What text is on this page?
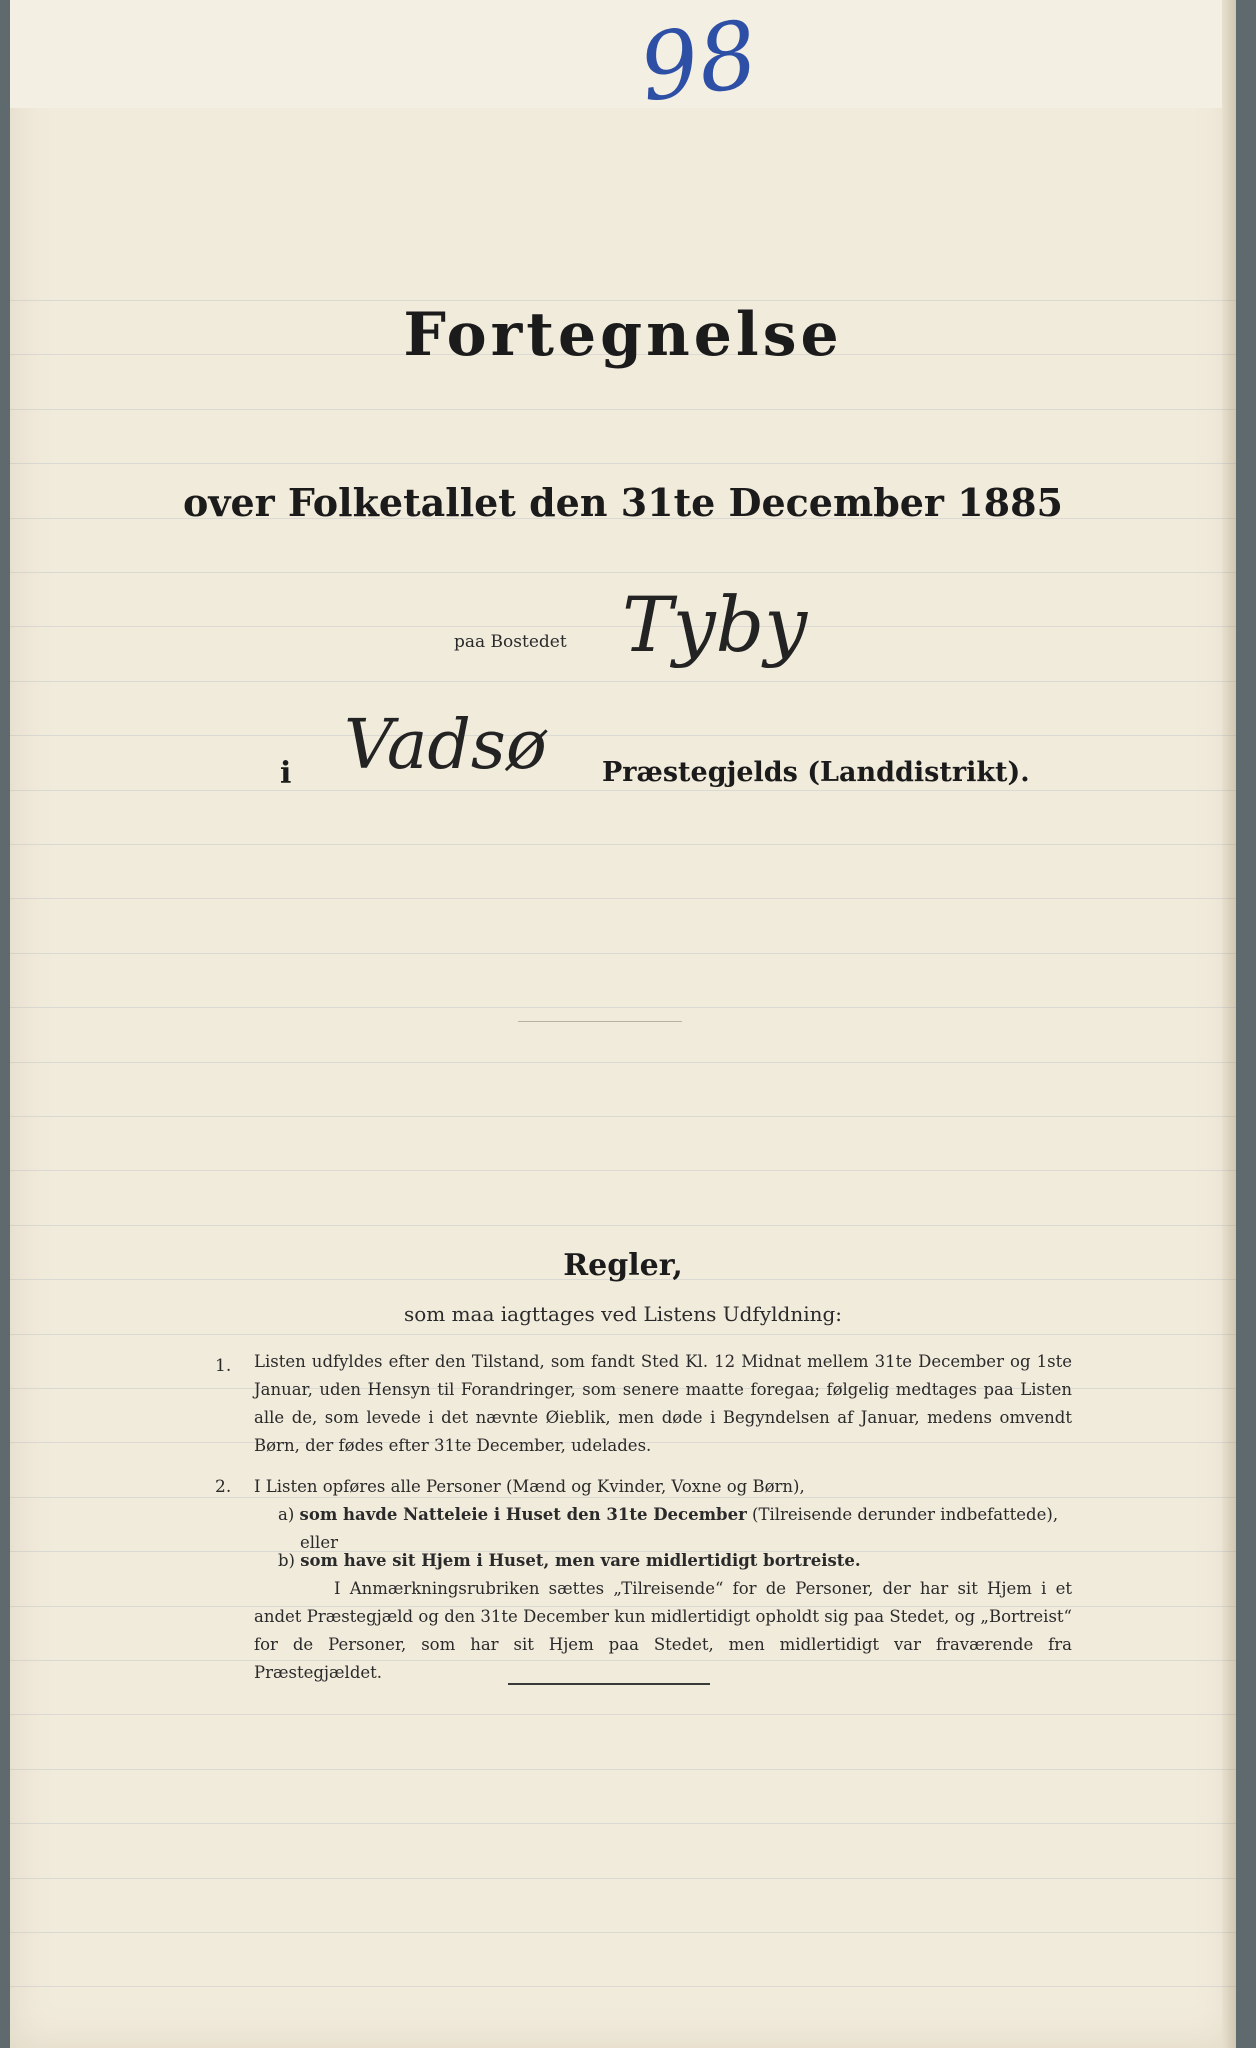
98
Fortegnelse
over Folketallet den 31te December 1885
paa Bostedet Tyby
i Vadsø Præstegjelds (Landdistrikt).
Regler,
som maa iagttages ved Listens Udfyldning:
1. Listen udfyldes efter den Tilstand, som fandt Sted Kl. 12 Midnat mellem 31te December og 1ste Januar, uden Hensyn til Forandringer, som senere maatte foregaa; følgelig medtages paa Listen alle de, som levede i det nævnte Øieblik, men døde i Begyndelsen af Januar, medens omvendt Børn, der fødes efter 31te December, udelades.
2. I Listen opføres alle Personer (Mænd og Kvinder, Voxne og Børn),
a) som havde Natteleie i Huset den 31te December (Tilreisende derunder indbefattede),
eller
b) som have sit Hjem i Huset, men vare midlertidigt bortreiste.
I Anmærkningsrubriken sættes „Tilreisende“ for de Personer, der har sit Hjem i et andet Præstegjæld og den 31te December kun midlertidigt opholdt sig paa Stedet, og „Bortreist“ for de Personer, som har sit Hjem paa Stedet, men midlertidigt var fraværende fra Præstegjældet.
